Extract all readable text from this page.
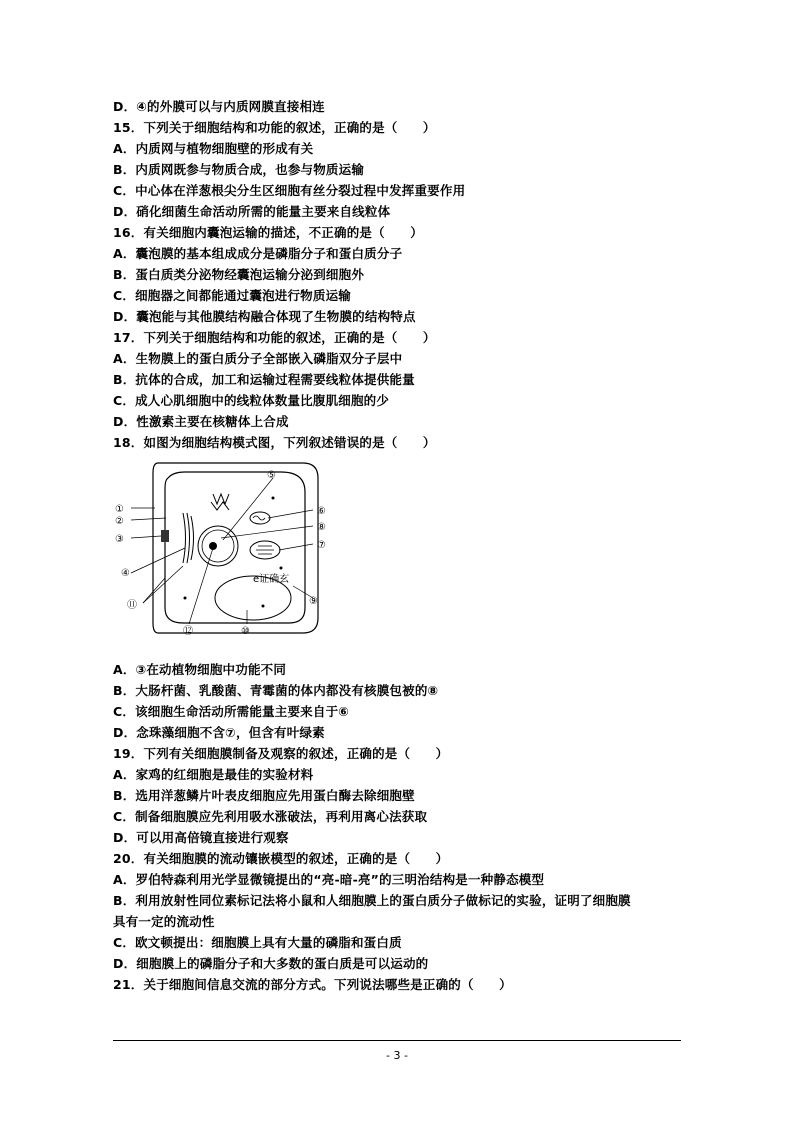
D．④的外膜可以与内质网膜直接相连
15．下列关于细胞结构和功能的叙述，正确的是（　　）
A．内质网与植物细胞壁的形成有关
B．内质网既参与物质合成，也参与物质运输
C．中心体在洋葱根尖分生区细胞有丝分裂过程中发挥重要作用
D．硝化细菌生命活动所需的能量主要来自线粒体
16．有关细胞内囊泡运输的描述，不正确的是（　　）
A．囊泡膜的基本组成成分是磷脂分子和蛋白质分子
B．蛋白质类分泌物经囊泡运输分泌到细胞外
C．细胞器之间都能通过囊泡进行物质运输
D．囊泡能与其他膜结构融合体现了生物膜的结构特点
17．下列关于细胞结构和功能的叙述，正确的是（　　）
A．生物膜上的蛋白质分子全部嵌入磷脂双分子层中
B．抗体的合成，加工和运输过程需要线粒体提供能量
C．成人心肌细胞中的线粒体数量比腹肌细胞的少
D．性激素主要在核糖体上合成
18．如图为细胞结构模式图，下列叙述错误的是（　　）
A．③在动植物细胞中功能不同
B．大肠杆菌、乳酸菌、青霉菌的体内都没有核膜包被的⑧
C．该细胞生命活动所需能量主要来自于⑥
D．念珠藻细胞不含⑦，但含有叶绿素
19．下列有关细胞膜制备及观察的叙述，正确的是（　　）
A．家鸡的红细胞是最佳的实验材料
B．选用洋葱鳞片叶表皮细胞应先用蛋白酶去除细胞壁
C．制备细胞膜应先利用吸水涨破法，再利用离心法获取
D．可以用高倍镜直接进行观察
20．有关细胞膜的流动镶嵌模型的叙述，正确的是（　　）
A．罗伯特森利用光学显微镜提出的“亮-暗-亮”的三明治结构是一种静态模型
B．利用放射性同位素标记法将小鼠和人细胞膜上的蛋白质分子做标记的实验，证明了细胞膜
具有一定的流动性
C．欧文顿提出：细胞膜上具有大量的磷脂和蛋白质
D．细胞膜上的磷脂分子和大多数的蛋白质是可以运动的
21．关于细胞间信息交流的部分方式。下列说法哪些是正确的（　　）
①
②
③
④
⑪
⑤
⑥
⑧
⑦
⑨
⑫	⑩
e证确玄
- 3 -
